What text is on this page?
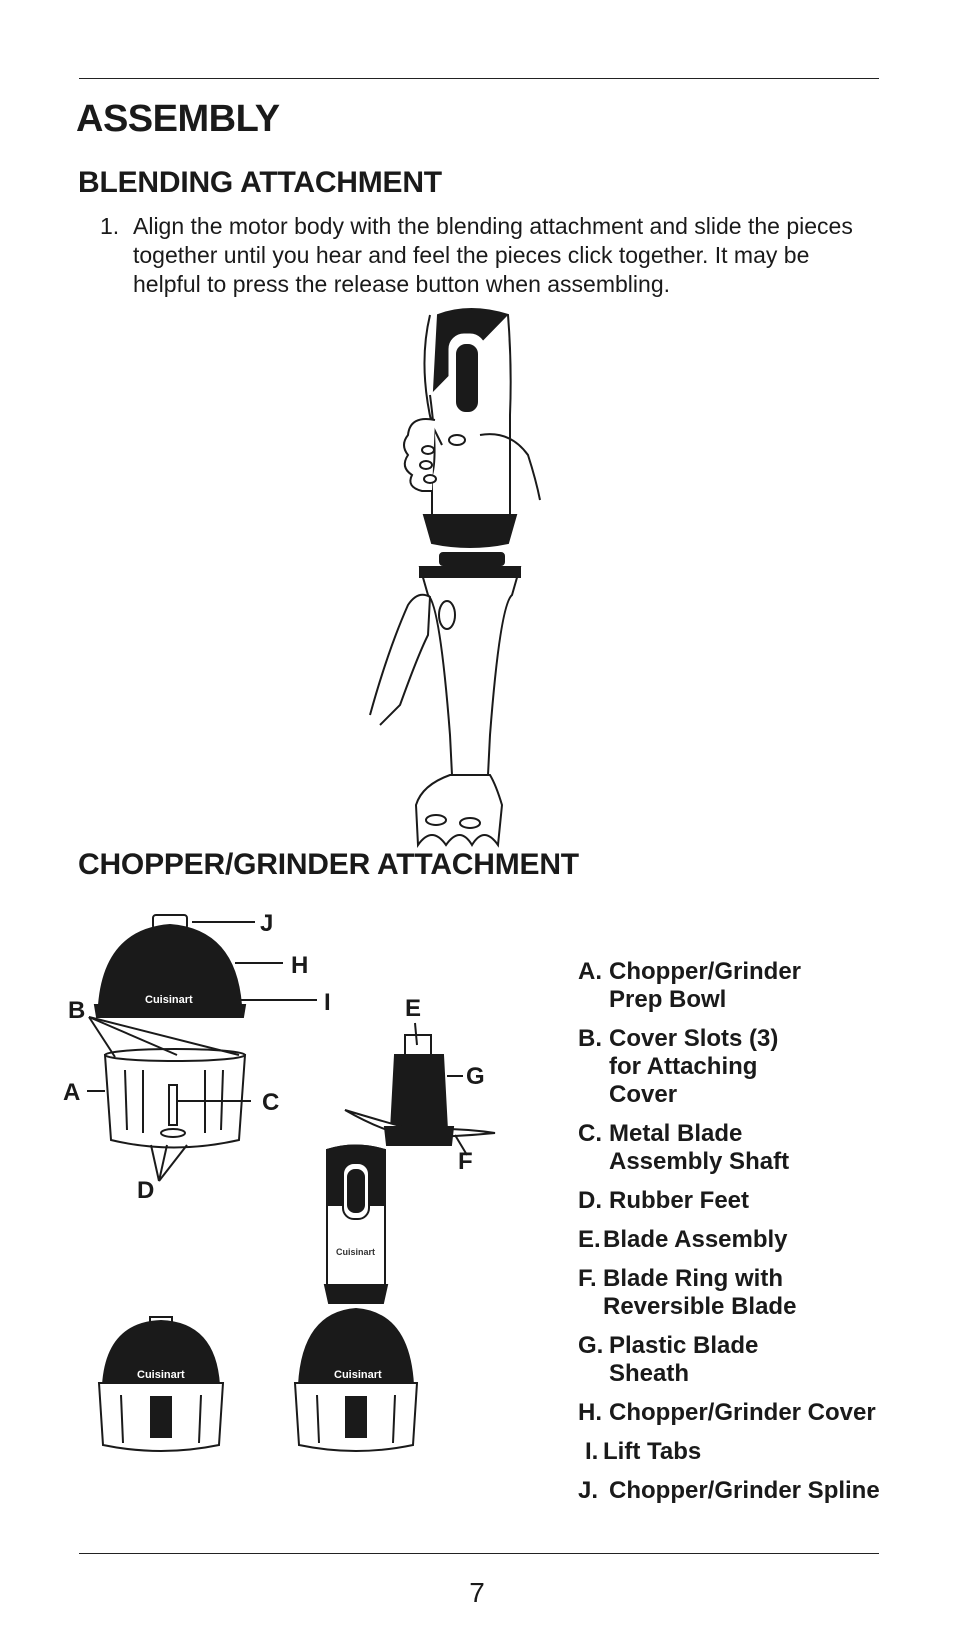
ASSEMBLY
BLENDING ATTACHMENT
1. Align the motor body with the blending attachment and slide the pieces together until you hear and feel the pieces click together. It may be helpful to press the release button when assembling.
CHOPPER/GRINDER ATTACHMENT
Cuisinart
Cuisinart
Cuisinart
Cuisinart
J
H
I
B
A	C
D
E
G
F
A. Chopper/Grinder Prep Bowl
B. Cover Slots (3) for Attaching Cover
C. Metal Blade Assembly Shaft
D. Rubber Feet
E. Blade Assembly
F. Blade Ring with Reversible Blade
G. Plastic Blade Sheath
H. Chopper/Grinder Cover
I. Lift Tabs
J. Chopper/Grinder Spline
7
